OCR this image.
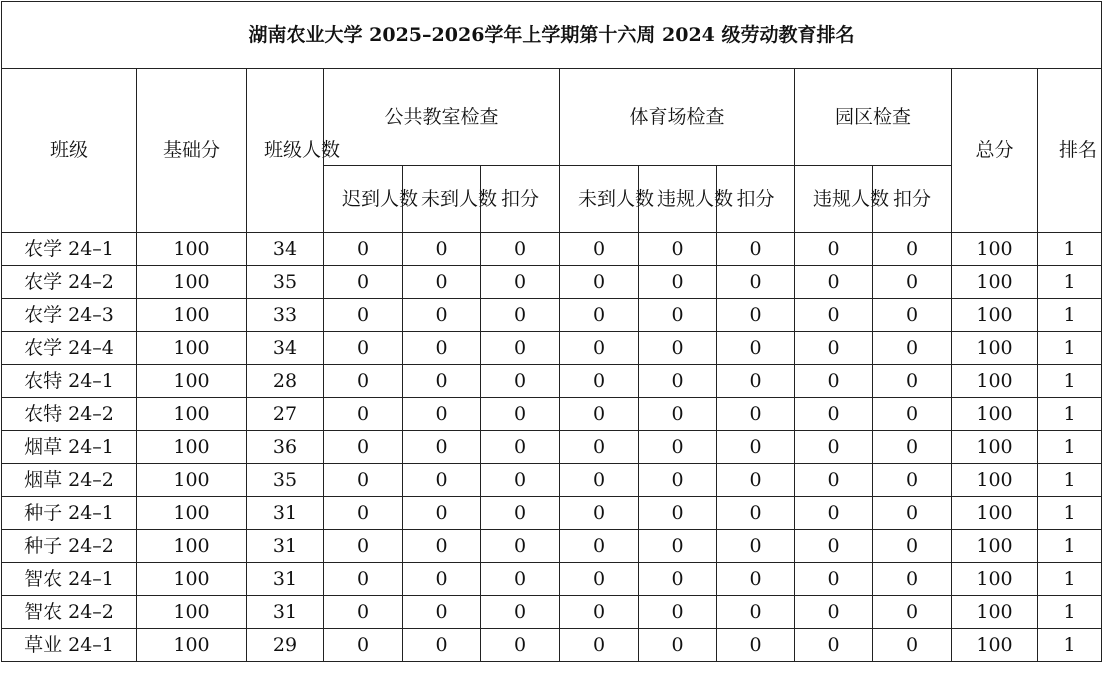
湖南农业大学 2025–2026学年上学期第十六周 2024 级劳动教育排名												
班级	基础分	班级人数	公共教室检查			体育场检查			园区检查		总分	排名
			迟到人数	未到人数	扣分	未到人数	违规人数	扣分	违规人数	扣分		
农学 24–1	100	34	0	0	0	0	0	0	0	0	100	1
农学 24–2	100	35	0	0	0	0	0	0	0	0	100	1
农学 24–3	100	33	0	0	0	0	0	0	0	0	100	1
农学 24–4	100	34	0	0	0	0	0	0	0	0	100	1
农特 24–1	100	28	0	0	0	0	0	0	0	0	100	1
农特 24–2	100	27	0	0	0	0	0	0	0	0	100	1
烟草 24–1	100	36	0	0	0	0	0	0	0	0	100	1
烟草 24–2	100	35	0	0	0	0	0	0	0	0	100	1
种子 24–1	100	31	0	0	0	0	0	0	0	0	100	1
种子 24–2	100	31	0	0	0	0	0	0	0	0	100	1
智农 24–1	100	31	0	0	0	0	0	0	0	0	100	1
智农 24–2	100	31	0	0	0	0	0	0	0	0	100	1
草业 24–1	100	29	0	0	0	0	0	0	0	0	100	1
